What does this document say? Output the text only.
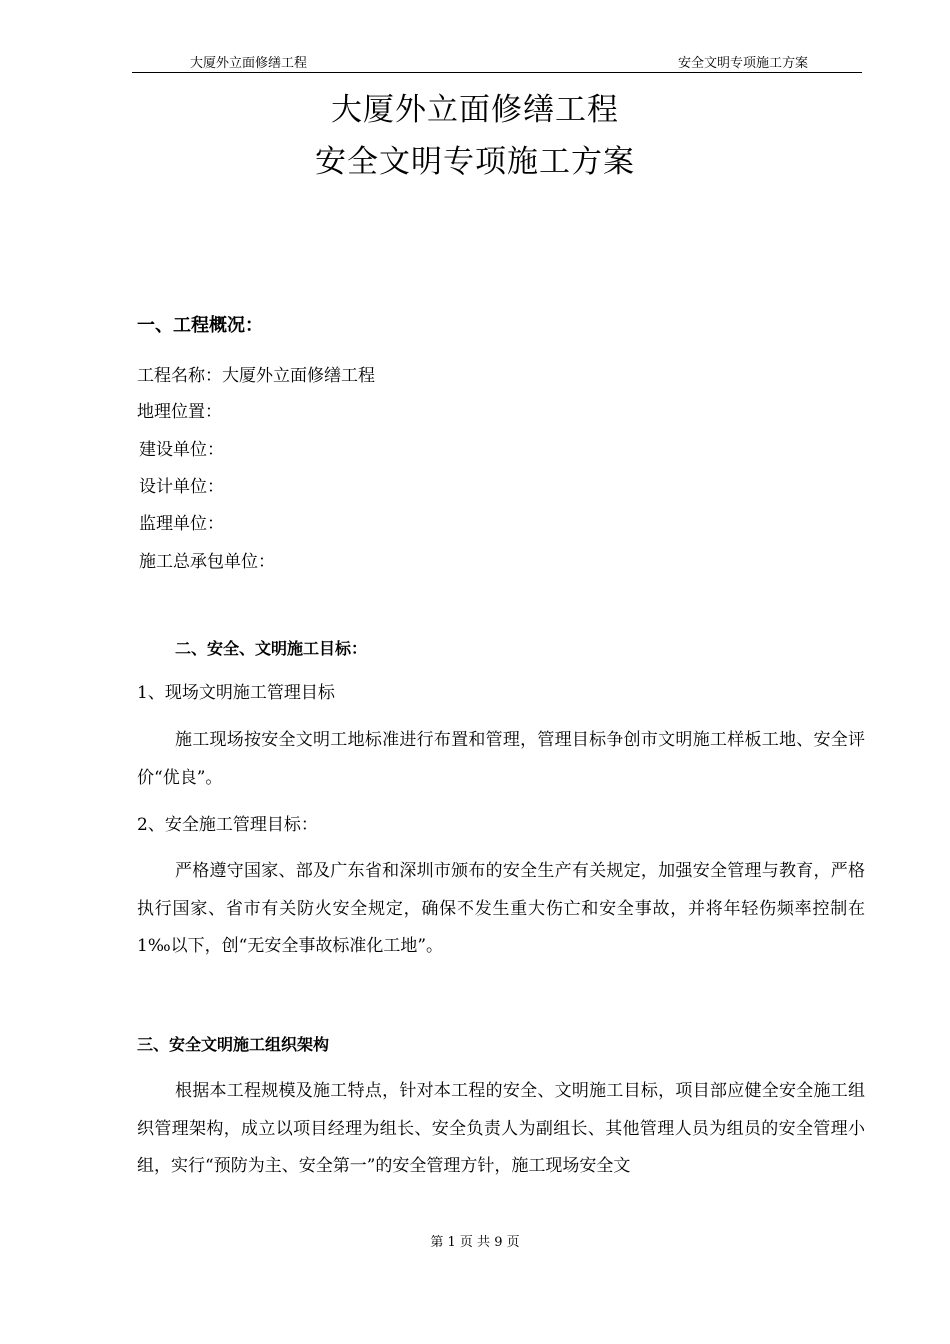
大厦外立面修缮工程	安全文明专项施工方案
大厦外立面修缮工程
安全文明专项施工方案
一、工程概况：
工程名称：大厦外立面修缮工程
地理位置：
建设单位：
设计单位：
监理单位：
施工总承包单位：
二、安全、文明施工目标：
1、现场文明施工管理目标

施工现场按安全文明工地标准进行布置和管理，管理目标争创市文明施工样板工地、安全评价“优良”。

2、安全施工管理目标：

严格遵守国家、部及广东省和深圳市颁布的安全生产有关规定，加强安全管理与教育，严格执行国家、省市有关防火安全规定，确保不发生重大伤亡和安全事故，并将年轻伤频率控制在1‰以下，创“无安全事故标准化工地”。

三、安全文明施工组织架构

根据本工程规模及施工特点，针对本工程的安全、文明施工目标，项目部应健全安全施工组织管理架构，成立以项目经理为组长、安全负责人为副组长、其他管理人员为组员的安全管理小组，实行“预防为主、安全第一”的安全管理方针，施工现场安全文

第 1 页 共 9 页
